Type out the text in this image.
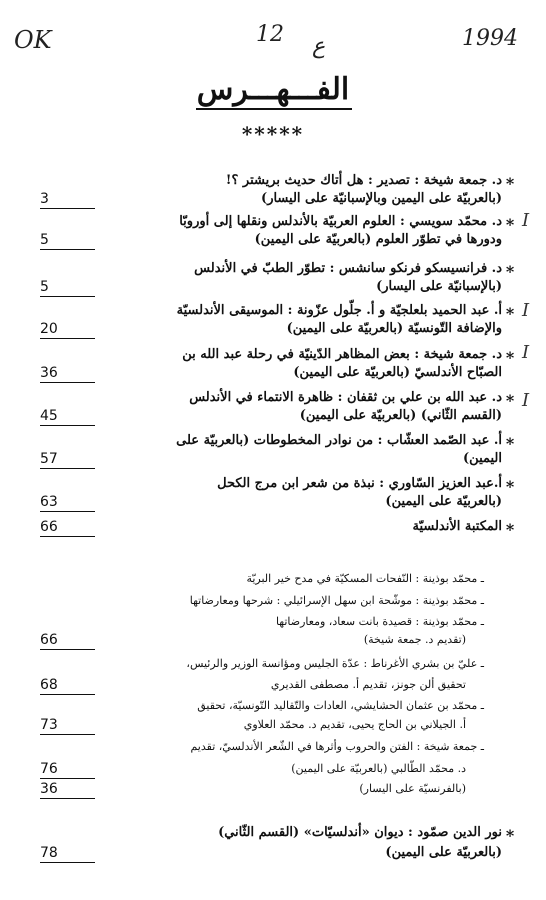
OK	12 ع	1994
الفـــهـــرس
*****
*
د. جمعة شيخة : تصدير : هل أتاك حديث بريشتر ؟!
(بالعربيّة على اليمين وبالإسبانيّة على اليسار)
3
*
د. محمّد سويسي : العلوم العربيّة بالأندلس ونقلها إلى أوروبّا
ودورها في تطوّر العلوم (بالعربيّة على اليمين)
5
*
د. فرانسيسكو فرنكو سانشس : تطوّر الطبّ في الأندلس
(بالإسبانيّة على اليسار)
5
*
أ. عبد الحميد بلعلجيّة و أ. جلّول عزّونة : الموسيقى الأندلسيّة
والإضافة التّونسيّة (بالعربيّة على اليمين)
20
*
د. جمعة شيخة : بعض المظاهر الدّينيّة في رحلة عبد الله بن
الصبّاح الأندلسيّ (بالعربيّة على اليمين)
36
*
د. عبد الله بن علي بن ثقفان : ظاهرة الانتماء في الأندلس
(القسم الثّاني) (بالعربيّة على اليمين)
45
*
أ. عبد الصّمد العشّاب : من نوادر المخطوطات (بالعربيّة على
اليمين)
57
*
أ.عبد العزيز السّاوري : نبذة من شعر ابن مرج الكحل
(بالعربيّة على اليمين)
63
*
المكتبة الأندلسيّة
66
I
I
I
I
ـ محمّد بوذينة : النّفحات المسكيّة في مدح خير البريّة
ـ محمّد بوذينة : موشّحة ابن سهل الإسرائيلي : شرحها ومعارضاتها
ـ محمّد بوذينة : قصيدة بانت سعاد، ومعارضاتها
(تقديم د. جمعة شيخة)
66
ـ عليّ بن بشري الأغرناط : عدّة الجليس ومؤانسة الوزير والرئيس،
تحقيق ألن جونز، تقديم أ. مصطفى القديري
68
ـ محمّد بن عثمان الحشايشي، العادات والتّقاليد التّونسيّة، تحقيق
أ. الجيلاني بن الحاج يحيى، تقديم د. محمّد العلاوي
73
ـ جمعة شيخة : الفتن والحروب وأثرها في الشّعر الأندلسيّ، تقديم
د. محمّد الطّالبي (بالعربيّة على اليمين)
76
(بالفرنسيّة على اليسار)
36
*
نور الدين صمّود : ديوان «أندلسيّات» (القسم الثّاني)
(بالعربيّة على اليمين)
78
